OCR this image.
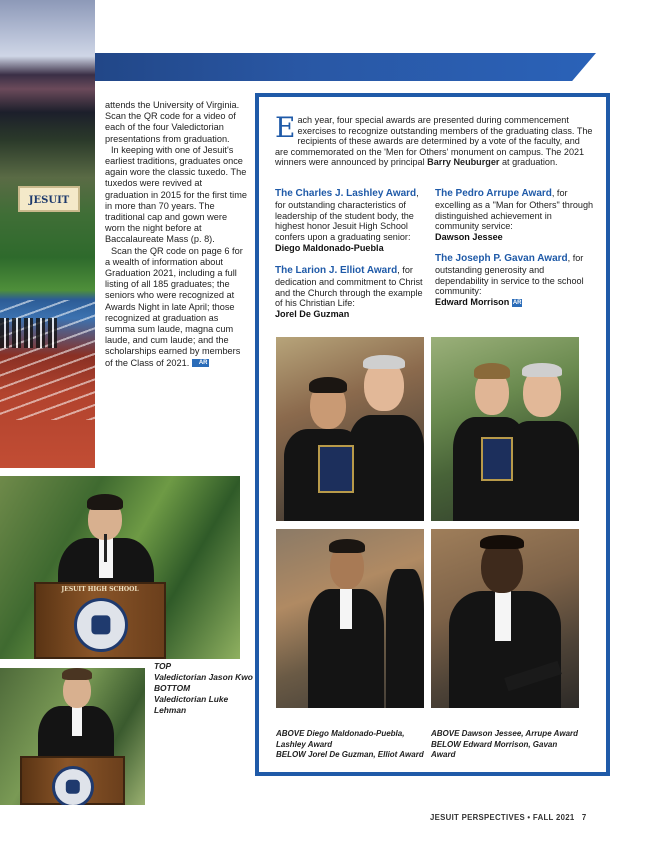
JESUIT

attends the University of Virginia. Scan the QR code for a video of each of the four Valedictorian presentations from graduation.

In keeping with one of Jesuit's earliest traditions, graduates once again wore the classic tuxedo. The tuxedos were revived at graduation in 2015 for the first time in more than 70 years. The traditional cap and gown were worn the night before at Baccalaureate Mass (p. 8).

Scan the QR code on page 6 for a wealth of information about Graduation 2021, including a full listing of all 185 graduates; the seniors who were recognized at Awards Night in late April; those recognized at graduation as summa sum laude, magna cum laude, and cum laude; and the scholarships earned by members of the Class of 2021. AR

JESUIT HIGH SCHOOL
TOP
Valedictorian Jason Kwo
BOTTOM
Valedictorian Luke Lehman
Each year, four special awards are presented during commencement exercises to recognize outstanding members of the graduating class. The recipients of these awards are determined by a vote of the faculty, and are commemorated on the 'Men for Others' monument on campus. The 2021 winners were announced by principal Barry Neuburger at graduation.
The Charles J. Lashley Award, for outstanding characteristics of leadership of the student body, the highest honor Jesuit High School confers upon a graduating senior:
Diego Maldonado-Puebla
The Larion J. Elliot Award, for dedication and commitment to Christ and the Church through the example of his Christian Life:
Jorel De Guzman
The Pedro Arrupe Award, for excelling as a "Man for Others" through distinguished achievement in community service:
Dawson Jessee
The Joseph P. Gavan Award, for outstanding generosity and dependability in service to the school community:
Edward Morrison AR
ABOVE Diego Maldonado-Puebla, Lashley Award
BELOW Jorel De Guzman, Elliot Award
ABOVE Dawson Jessee, Arrupe Award
BELOW Edward Morrison, Gavan Award
JESUIT PERSPECTIVES • FALL 2021 7
